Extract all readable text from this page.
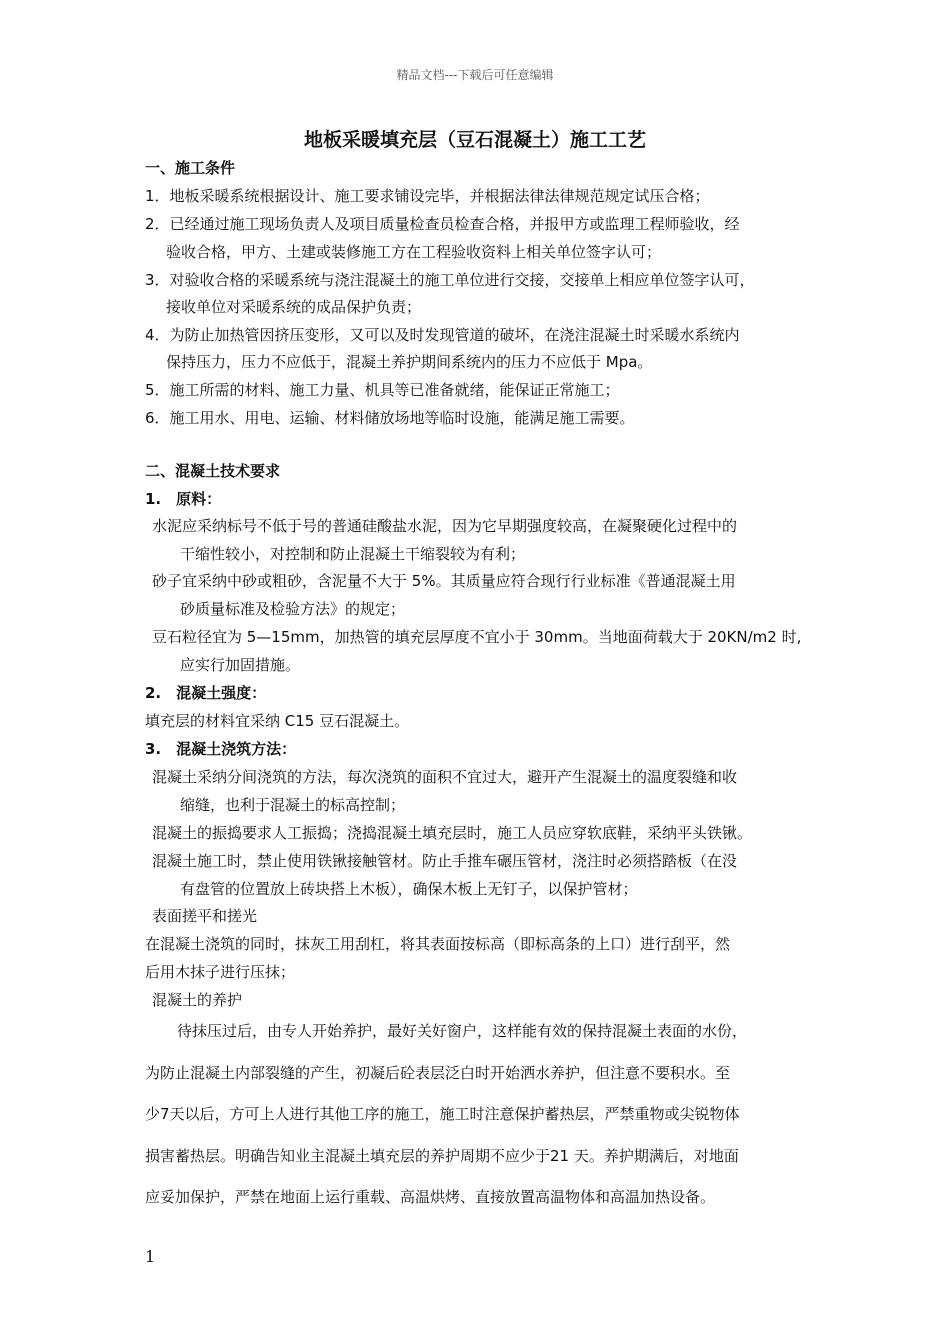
精品文档---下载后可任意编辑
地板采暖填充层（豆石混凝土）施工工艺
一、施工条件
1．地板采暖系统根据设计、施工要求铺设完毕，并根据法律法律规范规定试压合格；
2．已经通过施工现场负责人及项目质量检查员检查合格，并报甲方或监理工程师验收，经
验收合格，甲方、土建或装修施工方在工程验收资料上相关单位签字认可；
3．对验收合格的采暖系统与浇注混凝土的施工单位进行交接，交接单上相应单位签字认可，
接收单位对采暖系统的成品保护负责；
4．为防止加热管因挤压变形，又可以及时发现管道的破坏，在浇注混凝土时采暖水系统内
保持压力，压力不应低于，混凝土养护期间系统内的压力不应低于 Mpa。
5．施工所需的材料、施工力量、机具等已准备就绪，能保证正常施工；
6．施工用水、用电、运输、材料储放场地等临时设施，能满足施工需要。
二、混凝土技术要求
1.　原料：
水泥应采纳标号不低于号的普通硅酸盐水泥，因为它早期强度较高，在凝聚硬化过程中的
干缩性较小，对控制和防止混凝土干缩裂较为有利；
砂子宜采纳中砂或粗砂，含泥量不大于 5%。其质量应符合现行行业标准《普通混凝土用
砂质量标准及检验方法》的规定；
豆石粒径宜为 5—15mm，加热管的填充层厚度不宜小于 30mm。当地面荷载大于 20KN/m2 时,
应实行加固措施。
2.　混凝土强度：
填充层的材料宜采纳 C15 豆石混凝土。
3.　混凝土浇筑方法：
混凝土采纳分间浇筑的方法，每次浇筑的面积不宜过大，避开产生混凝土的温度裂缝和收
缩缝，也利于混凝土的标高控制；
混凝土的振捣要求人工振捣；浇捣混凝土填充层时，施工人员应穿软底鞋，采纳平头铁锹。
混凝土施工时，禁止使用铁锹接触管材。防止手推车碾压管材，浇注时必须搭踏板（在没
有盘管的位置放上砖块搭上木板），确保木板上无钉子，以保护管材；
表面搓平和搓光
在混凝土浇筑的同时，抹灰工用刮杠，将其表面按标高（即标高条的上口）进行刮平，然
后用木抹子进行压抹；
混凝土的养护
待抹压过后，由专人开始养护，最好关好窗户，这样能有效的保持混凝土表面的水份，
为防止混凝土内部裂缝的产生，初凝后砼表层泛白时开始洒水养护，但注意不要积水。至
少7天以后，方可上人进行其他工序的施工，施工时注意保护蓄热层，严禁重物或尖锐物体
损害蓄热层。明确告知业主混凝土填充层的养护周期不应少于21 天。养护期满后，对地面
应妥加保护，严禁在地面上运行重载、高温烘烤、直接放置高温物体和高温加热设备。
1
